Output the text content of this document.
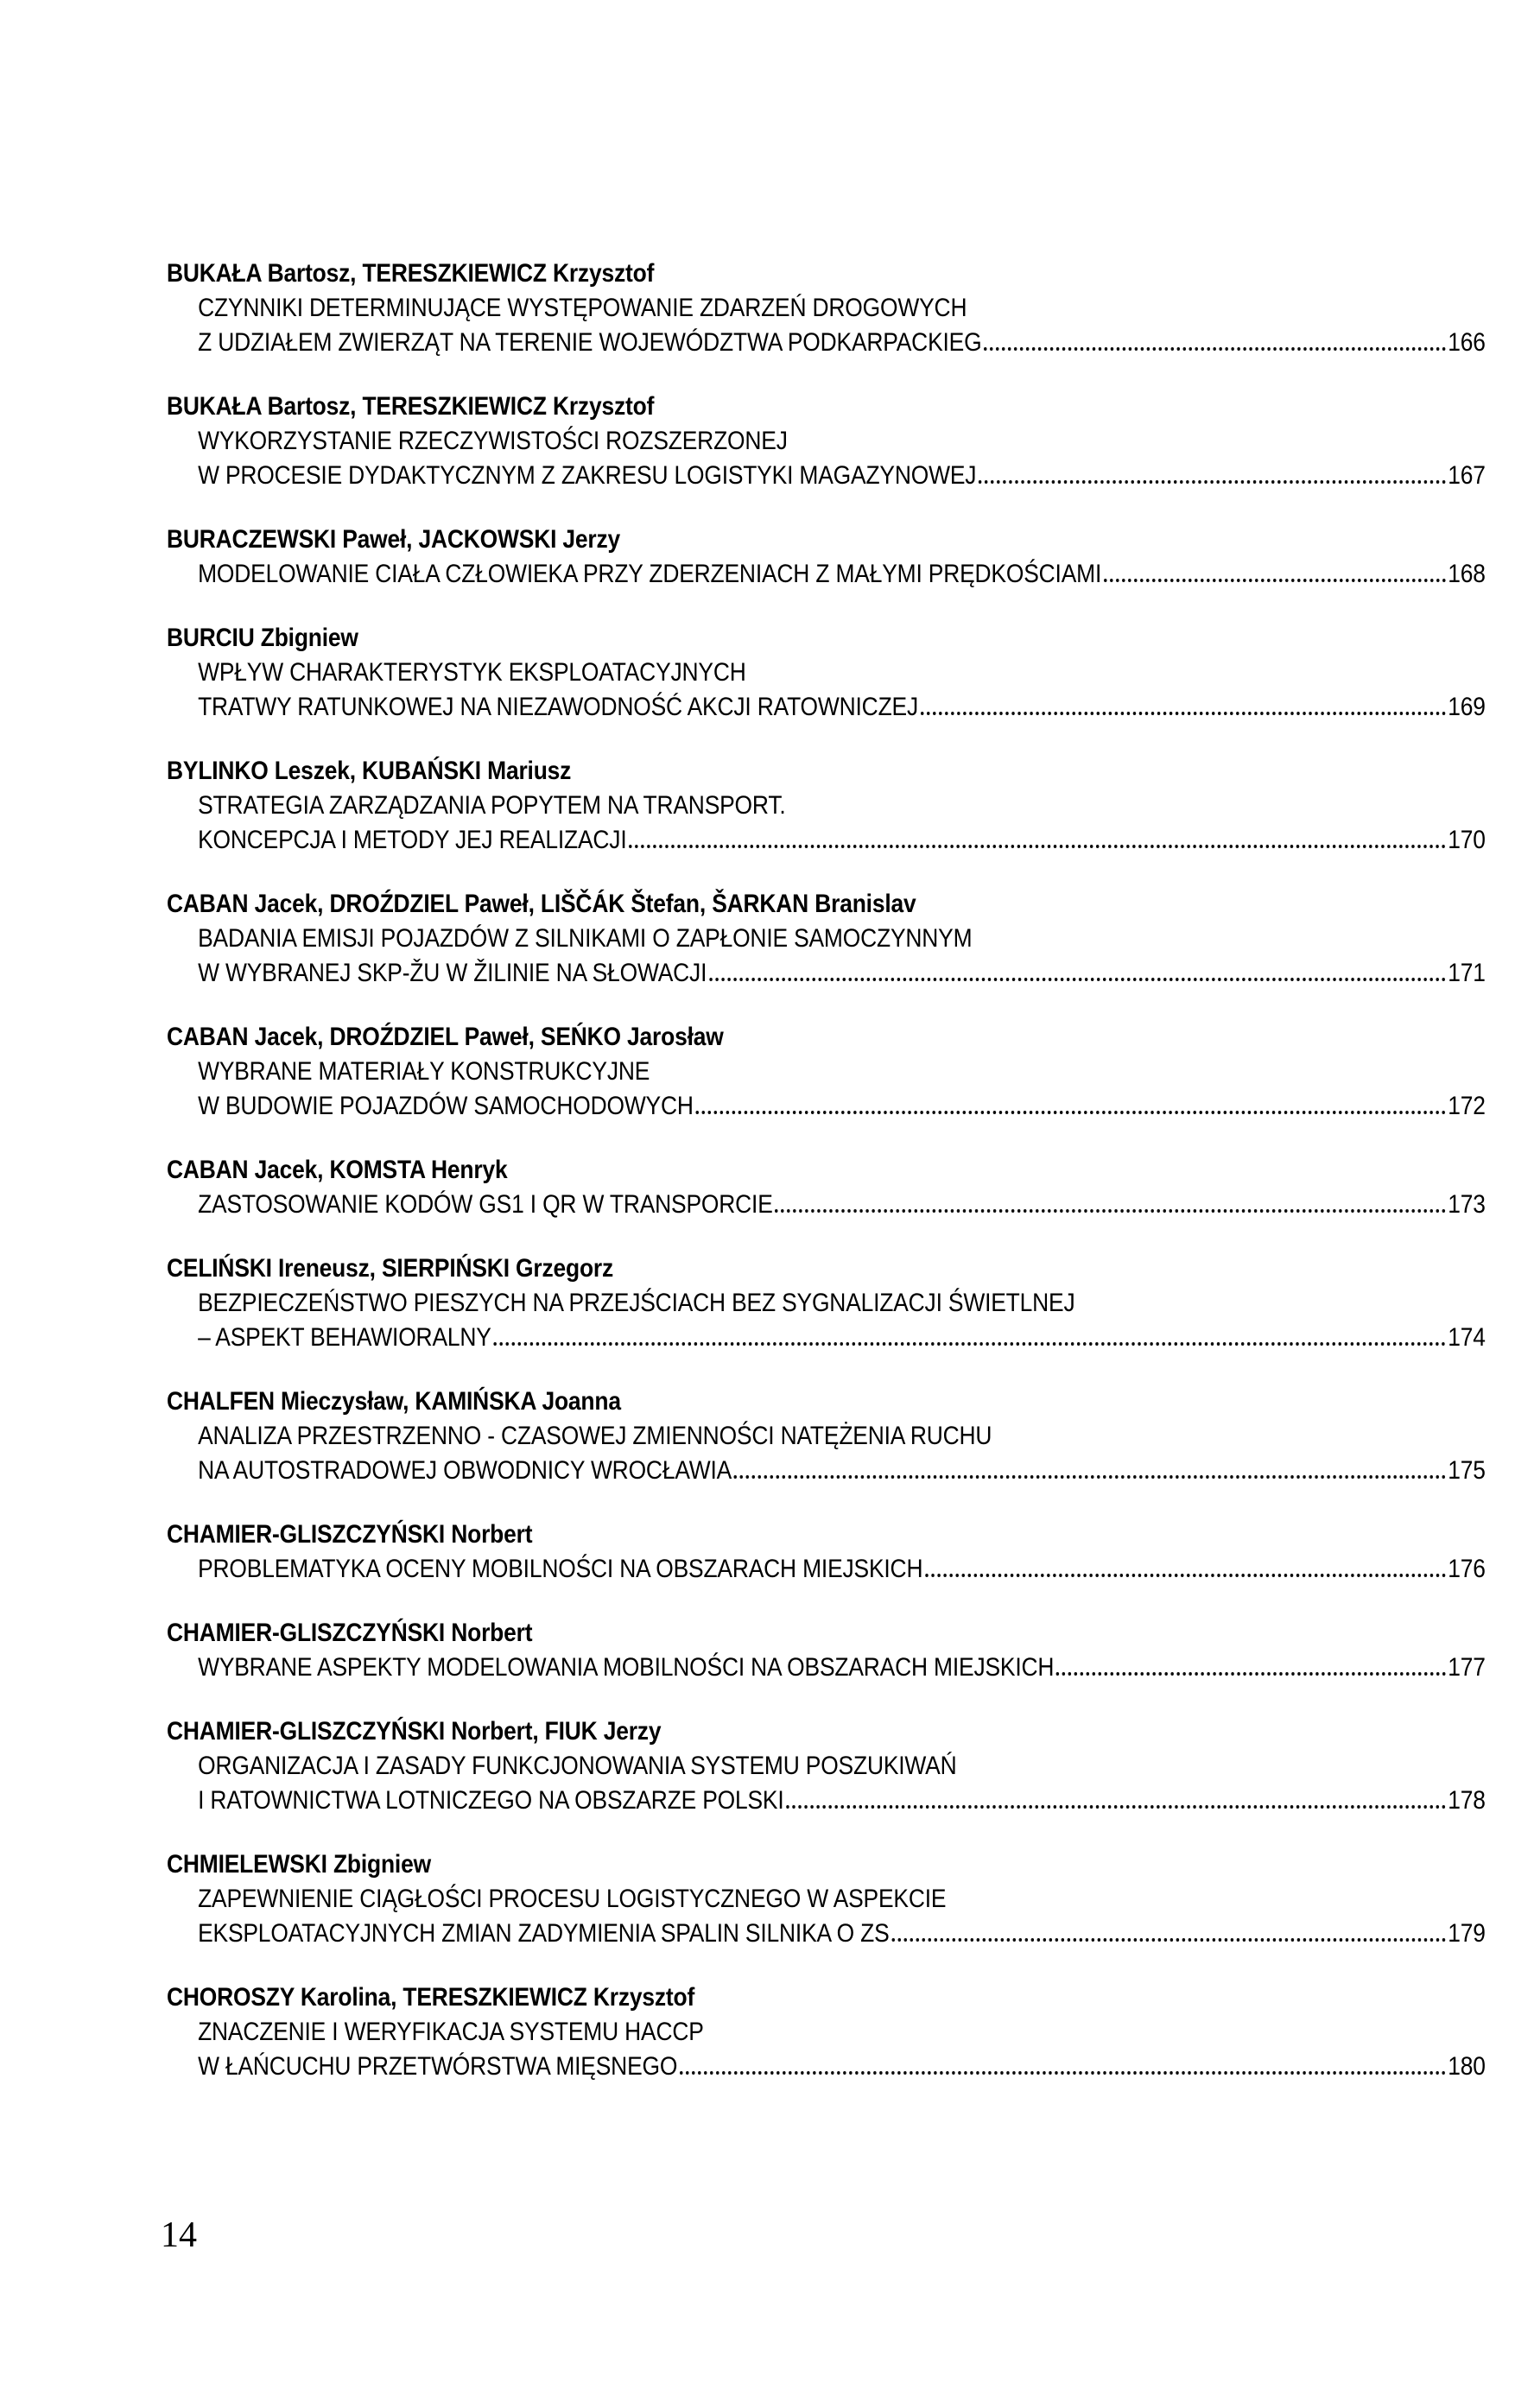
BUKAŁA Bartosz, TERESZKIEWICZ Krzysztof
CZYNNIKI DETERMINUJĄCE WYSTĘPOWANIE ZDARZEŃ DROGOWYCH
Z UDZIAŁEM ZWIERZĄT NA TERENIE WOJEWÓDZTWA PODKARPACKIEG	166
BUKAŁA Bartosz, TERESZKIEWICZ Krzysztof
WYKORZYSTANIE RZECZYWISTOŚCI ROZSZERZONEJ
W PROCESIE DYDAKTYCZNYM Z ZAKRESU LOGISTYKI MAGAZYNOWEJ	167
BURACZEWSKI Paweł, JACKOWSKI Jerzy
MODELOWANIE CIAŁA CZŁOWIEKA PRZY ZDERZENIACH Z MAŁYMI PRĘDKOŚCIAMI	168
BURCIU Zbigniew
WPŁYW CHARAKTERYSTYK EKSPLOATACYJNYCH
TRATWY RATUNKOWEJ NA NIEZAWODNOŚĆ AKCJI RATOWNICZEJ	169
BYLINKO Leszek, KUBAŃSKI Mariusz
STRATEGIA ZARZĄDZANIA POPYTEM NA TRANSPORT.
KONCEPCJA I METODY JEJ REALIZACJI	170
CABAN Jacek, DROŹDZIEL Paweł, LIŠČÁK Štefan, ŠARKAN Branislav
BADANIA EMISJI POJAZDÓW Z SILNIKAMI O ZAPŁONIE SAMOCZYNNYM
W WYBRANEJ SKP-ŽU W ŽILINIE NA SŁOWACJI	171
CABAN Jacek, DROŹDZIEL Paweł, SEŃKO Jarosław
WYBRANE MATERIAŁY KONSTRUKCYJNE
W BUDOWIE POJAZDÓW SAMOCHODOWYCH	172
CABAN Jacek, KOMSTA Henryk
ZASTOSOWANIE KODÓW GS1 I QR W TRANSPORCIE	173
CELIŃSKI Ireneusz, SIERPIŃSKI Grzegorz
BEZPIECZEŃSTWO PIESZYCH NA PRZEJŚCIACH BEZ SYGNALIZACJI ŚWIETLNEJ
– ASPEKT BEHAWIORALNY	174
CHALFEN Mieczysław, KAMIŃSKA Joanna
ANALIZA PRZESTRZENNO - CZASOWEJ ZMIENNOŚCI NATĘŻENIA RUCHU
NA AUTOSTRADOWEJ OBWODNICY WROCŁAWIA	175
CHAMIER-GLISZCZYŃSKI Norbert
PROBLEMATYKA OCENY MOBILNOŚCI NA OBSZARACH MIEJSKICH	176
CHAMIER-GLISZCZYŃSKI Norbert
WYBRANE ASPEKTY MODELOWANIA MOBILNOŚCI NA OBSZARACH MIEJSKICH	177
CHAMIER-GLISZCZYŃSKI Norbert, FIUK Jerzy
ORGANIZACJA I ZASADY FUNKCJONOWANIA SYSTEMU POSZUKIWAŃ
I RATOWNICTWA LOTNICZEGO NA OBSZARZE POLSKI	178
CHMIELEWSKI Zbigniew
ZAPEWNIENIE CIĄGŁOŚCI PROCESU LOGISTYCZNEGO W ASPEKCIE
EKSPLOATACYJNYCH ZMIAN ZADYMIENIA SPALIN SILNIKA O ZS	179
CHOROSZY Karolina, TERESZKIEWICZ Krzysztof
ZNACZENIE I WERYFIKACJA SYSTEMU HACCP
W ŁAŃCUCHU PRZETWÓRSTWA MIĘSNEGO	180
14
